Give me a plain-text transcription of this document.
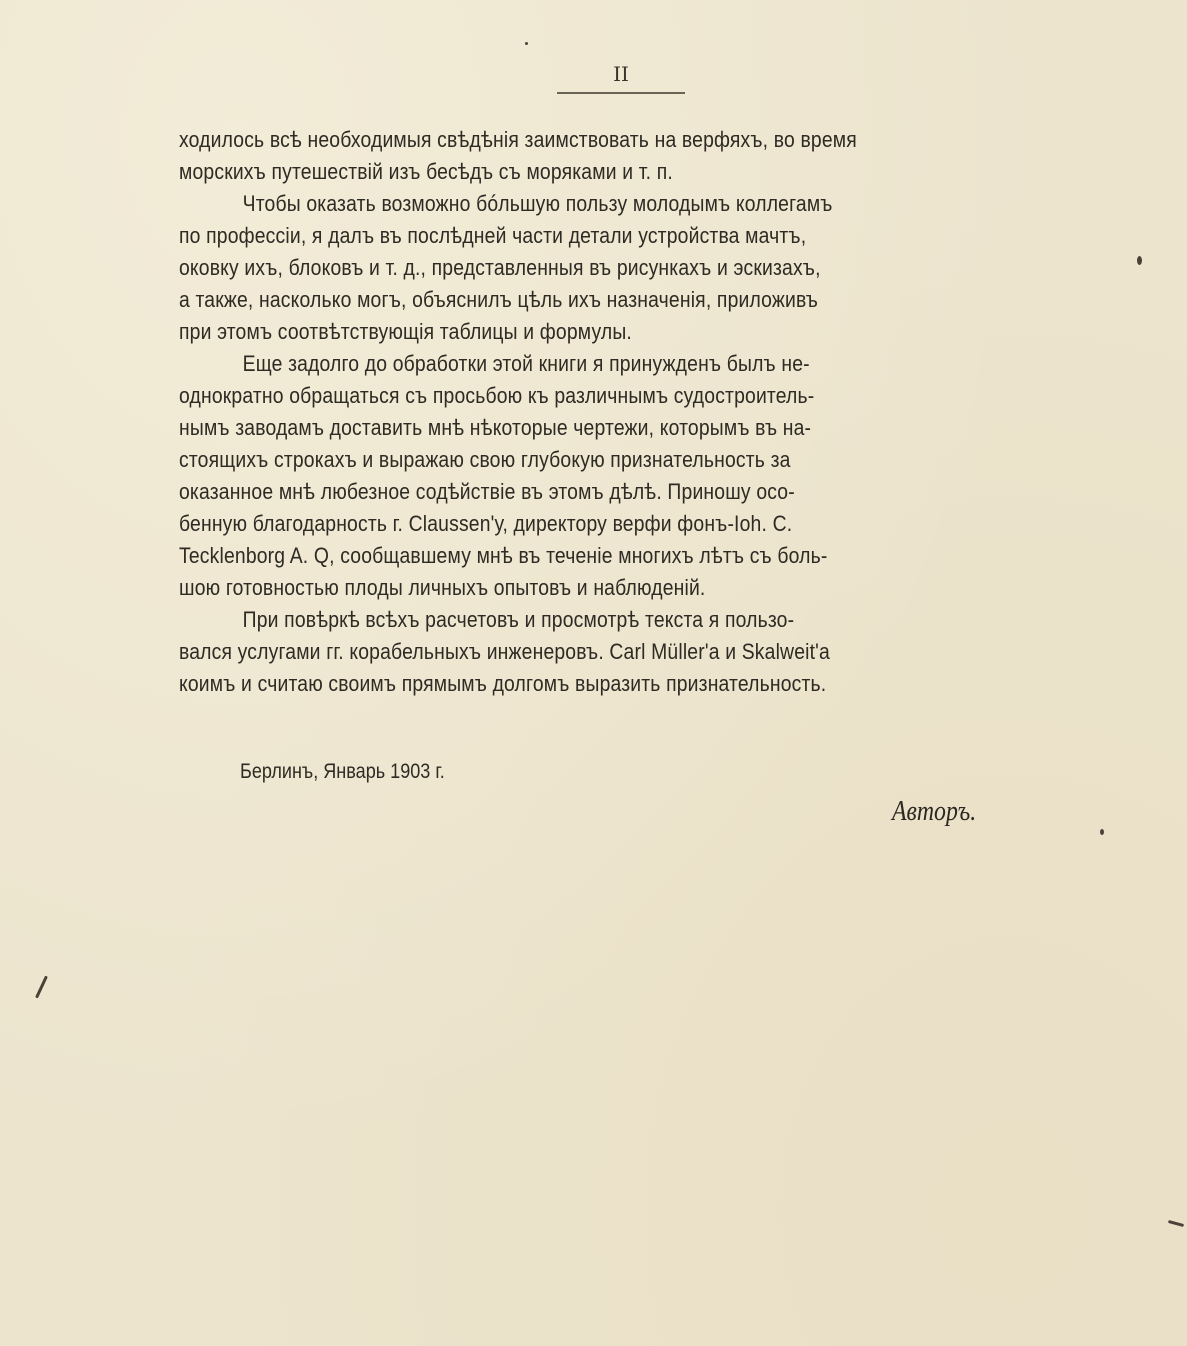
II
ходилось всѣ необходимыя свѣдѣнія заимствовать на верфяхъ, во время
морскихъ путешествій изъ бесѣдъ съ моряками и т. п.
Чтобы оказать возможно бóльшую пользу молодымъ коллегамъ
по профессіи, я далъ въ послѣдней части детали устройства мачтъ,
оковку ихъ, блоковъ и т. д., представленныя въ рисункахъ и эскизахъ,
а также, насколько могъ, объяснилъ цѣль ихъ назначенія, приложивъ
при этомъ соотвѣтствующія таблицы и формулы.
Еще задолго до обработки этой книги я принужденъ былъ не-
однократно обращаться съ просьбою къ различнымъ судостроитель-
нымъ заводамъ доставить мнѣ нѣкоторые чертежи, которымъ въ на-
стоящихъ строкахъ и выражаю свою глубокую признательность за
оказанное мнѣ любезное содѣйствіе въ этомъ дѣлѣ. Приношу осо-
бенную благодарность г. Claussen'у, директору верфи фонъ-Ioh. C.
Tecklenborg A. Q, сообщавшему мнѣ въ теченіе многихъ лѣтъ съ боль-
шою готовностью плоды личныхъ опытовъ и наблюденій.
При повѣркѣ всѣхъ расчетовъ и просмотрѣ текста я пользо-
вался услугами гг. корабельныхъ инженеровъ. Carl Müller'a и Skalweit'a
коимъ и считаю своимъ прямымъ долгомъ выразить признательность.
Берлинъ, Январь 1903 г.
Авторъ.
